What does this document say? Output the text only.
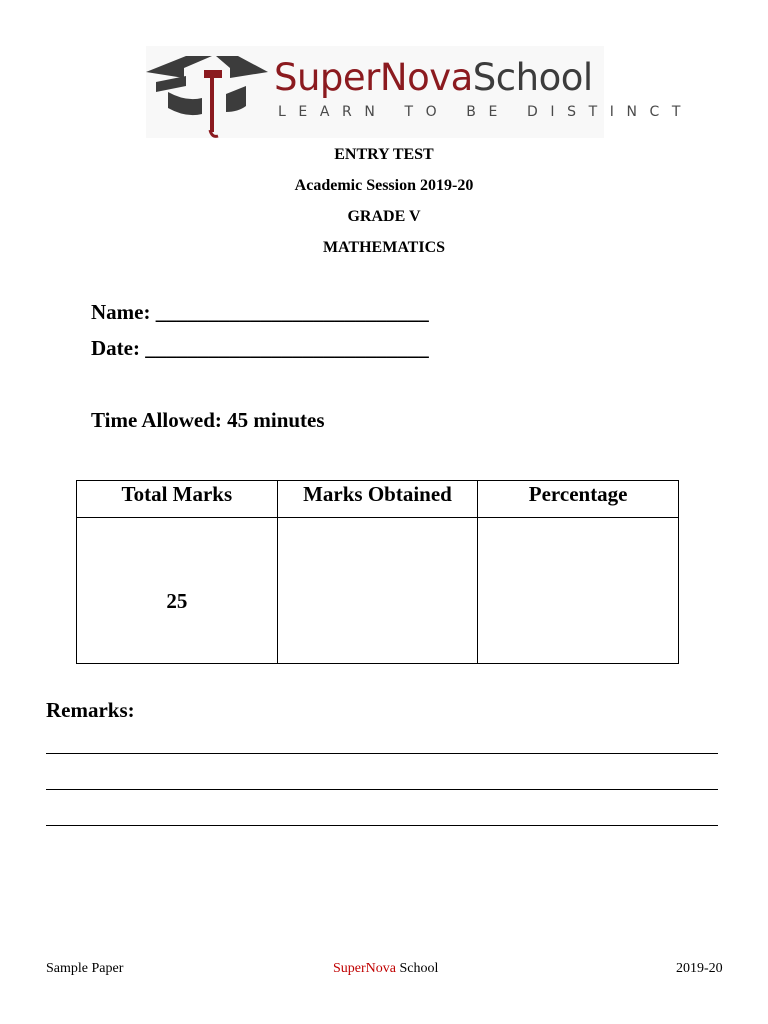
SuperNovaSchool
LEARN TO BE DISTINCT
ENTRY TEST
Academic Session 2019-20
GRADE V
MATHEMATICS
Name: __________________________
Date: ___________________________
Time Allowed: 45 minutes
Total Marks	Marks Obtained	Percentage
25		
Remarks:
Sample Paper	SuperNova School	2019-20
